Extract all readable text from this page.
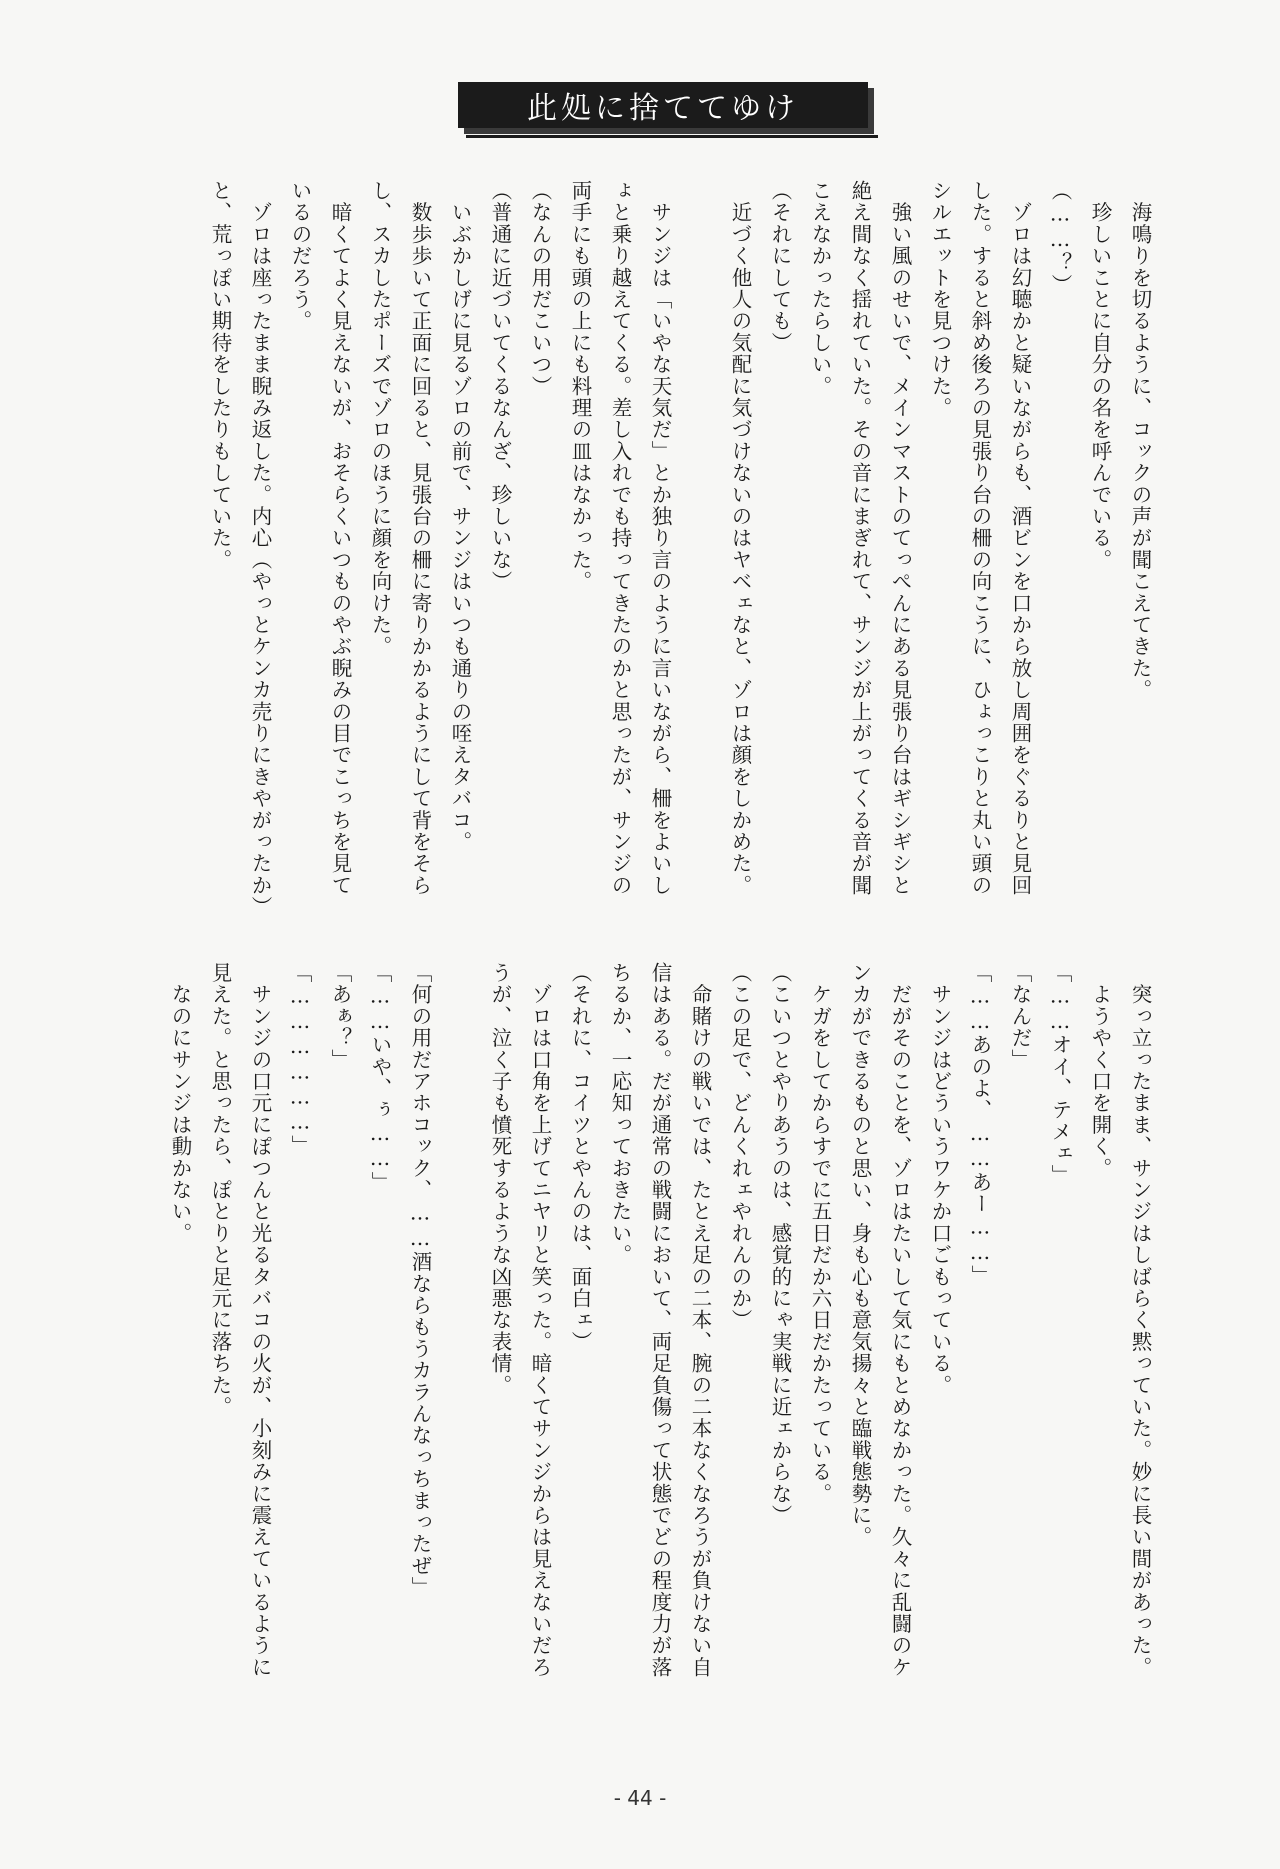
此処に捨ててゆけ
　海鳴りを切るように、コックの声が聞こえてきた。
　珍しいことに自分の名を呼んでいる。
（……？）
　ゾロは幻聴かと疑いながらも、酒ビンを口から放し周囲をぐるりと見回
した。すると斜め後ろの見張り台の柵の向こうに、ひょっこりと丸い頭の
シルエットを見つけた。
　強い風のせいで、メインマストのてっぺんにある見張り台はギシギシと
絶え間なく揺れていた。その音にまぎれて、サンジが上がってくる音が聞
こえなかったらしい。
（それにしても）
　近づく他人の気配に気づけないのはヤベェなと、ゾロは顔をしかめた。

　サンジは「いやな天気だ」とか独り言のように言いながら、柵をよいし
ょと乗り越えてくる。差し入れでも持ってきたのかと思ったが、サンジの
両手にも頭の上にも料理の皿はなかった。
（なんの用だこいつ）
（普通に近づいてくるなんざ、珍しいな）
　いぶかしげに見るゾロの前で、サンジはいつも通りの咥えタバコ。
　数歩歩いて正面に回ると、見張台の柵に寄りかかるようにして背をそら
し、スカしたポーズでゾロのほうに顔を向けた。
　暗くてよく見えないが、おそらくいつものやぶ睨みの目でこっちを見て
いるのだろう。
　ゾロは座ったまま睨み返した。内心（やっとケンカ売りにきやがったか）
と、荒っぽい期待をしたりもしていた。
　突っ立ったまま、サンジはしばらく黙っていた。妙に長い間があった。
　ようやく口を開く。
「……オイ、テメェ」
「なんだ」
「……あのよ、……あー……」
　サンジはどういうワケか口ごもっている。
　だがそのことを、ゾロはたいして気にもとめなかった。久々に乱闘のケ
ンカができるものと思い、身も心も意気揚々と臨戦態勢に。
　ケガをしてからすでに五日だか六日だかたっている。
（こいつとやりあうのは、感覚的にゃ実戦に近ェからな）
（この足で、どんくれェやれんのか）
　命賭けの戦いでは、たとえ足の二本、腕の二本なくなろうが負けない自
信はある。だが通常の戦闘において、両足負傷って状態でどの程度力が落
ちるか、一応知っておきたい。
（それに、コイツとやんのは、面白ェ）
　ゾロは口角を上げてニヤリと笑った。暗くてサンジからは見えないだろ
うが、泣く子も憤死するような凶悪な表情。

「何の用だアホコック、……酒ならもうカラんなっちまったぜ」
「……いや、ぅ……」
「あぁ？」
「………………」
　サンジの口元にぽつんと光るタバコの火が、小刻みに震えているように
見えた。と思ったら、ぽとりと足元に落ちた。
　なのにサンジは動かない。
- 44 -
